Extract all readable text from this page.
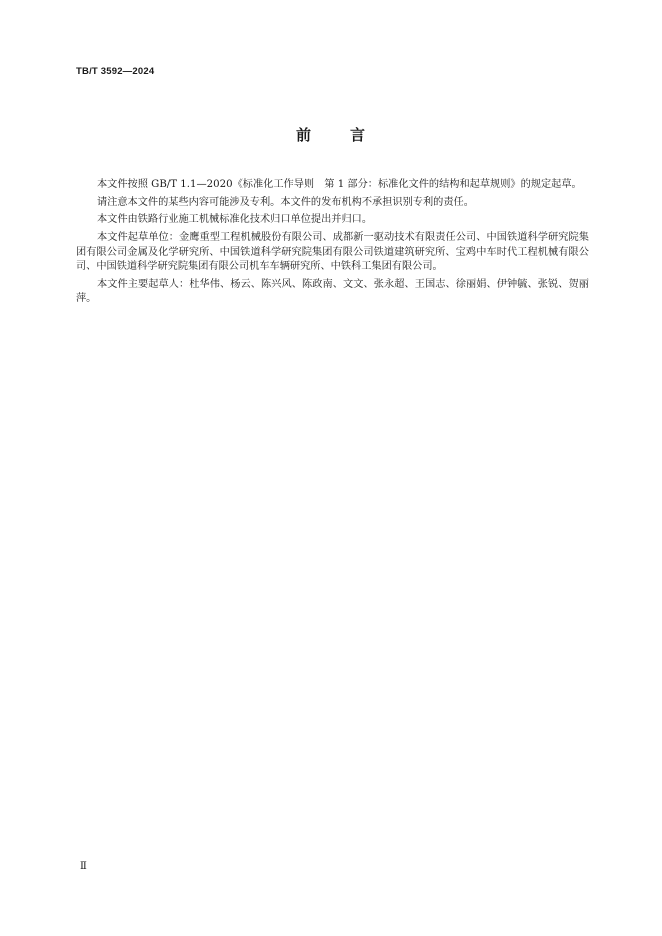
TB/T 3592—2024
前	言

本文件按照 GB/T 1.1—2020《标准化工作导则　第 1 部分：标准化文件的结构和起草规则》的规定起草。

请注意本文件的某些内容可能涉及专利。本文件的发布机构不承担识别专利的责任。

本文件由铁路行业施工机械标准化技术归口单位提出并归口。

本文件起草单位：金鹰重型工程机械股份有限公司、成都新一驱动技术有限责任公司、中国铁道科学研究院集团有限公司金属及化学研究所、中国铁道科学研究院集团有限公司铁道建筑研究所、宝鸡中车时代工程机械有限公司、中国铁道科学研究院集团有限公司机车车辆研究所、中铁科工集团有限公司。

本文件主要起草人：杜华伟、杨云、陈兴风、陈政南、文文、张永超、王国志、徐丽娟、伊钟毓、张锐、贺丽萍。

Ⅱ
